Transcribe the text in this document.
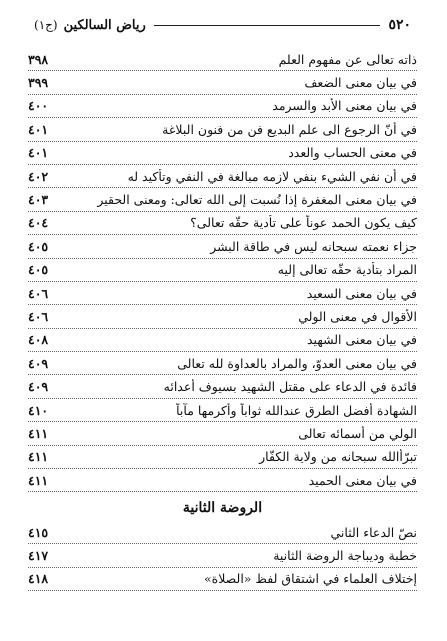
٥٢٠
رياض السالكين
(ج١)
ذاته تعالى عن مفهوم العلم
٣٩٨
في بيان معنى الضعف
٣٩٩
في بيان معنى الأبد والسرمد
٤٠٠
في أنّ الرجوع الى علم البديع فن من فنون البلاغة
٤٠١
في معنى الحساب والعدد
٤٠١
في أن نفي الشيء بنفي لازمه مبالغة في النفي وتأكيد له
٤٠٢
في بيان معنى المغفرة إذا نُسبت إلى الله تعالى: ومعنى الحقير
٤٠٣
كيف يكون الحمد عوناً على تأدية حقّه تعالى؟
٤٠٤
جزاء نعمته سبحانه ليس في طاقة البشر
٤٠٥
المراد بتأدية حقّه تعالى إليه
٤٠٥
في بيان معنى السعيد
٤٠٦
الأقوال في معنى الولي
٤٠٦
في بيان معنى الشهيد
٤٠٨
في بيان معنى العدوّ، والمراد بالعداوة لله تعالى
٤٠٩
فائدة في الدعاء على مقتل الشهيد بسيوف أعدائه
٤٠٩
الشهادة أفضل الطرق عندالله ثواباً وأكرمها مآباً
٤١٠
الولي من أسمائه تعالى
٤١١
تبرّأالله سبحانه من ولاية الكفّار
٤١١
في بيان معنى الحميد
٤١١
الروضة الثانية
نصّ الدعاء الثاني
٤١٥
خطبة وديباجة الروضة الثانية
٤١٧
إختلاف العلماء في اشتقاق لفظ «الصلاة»
٤١٨
